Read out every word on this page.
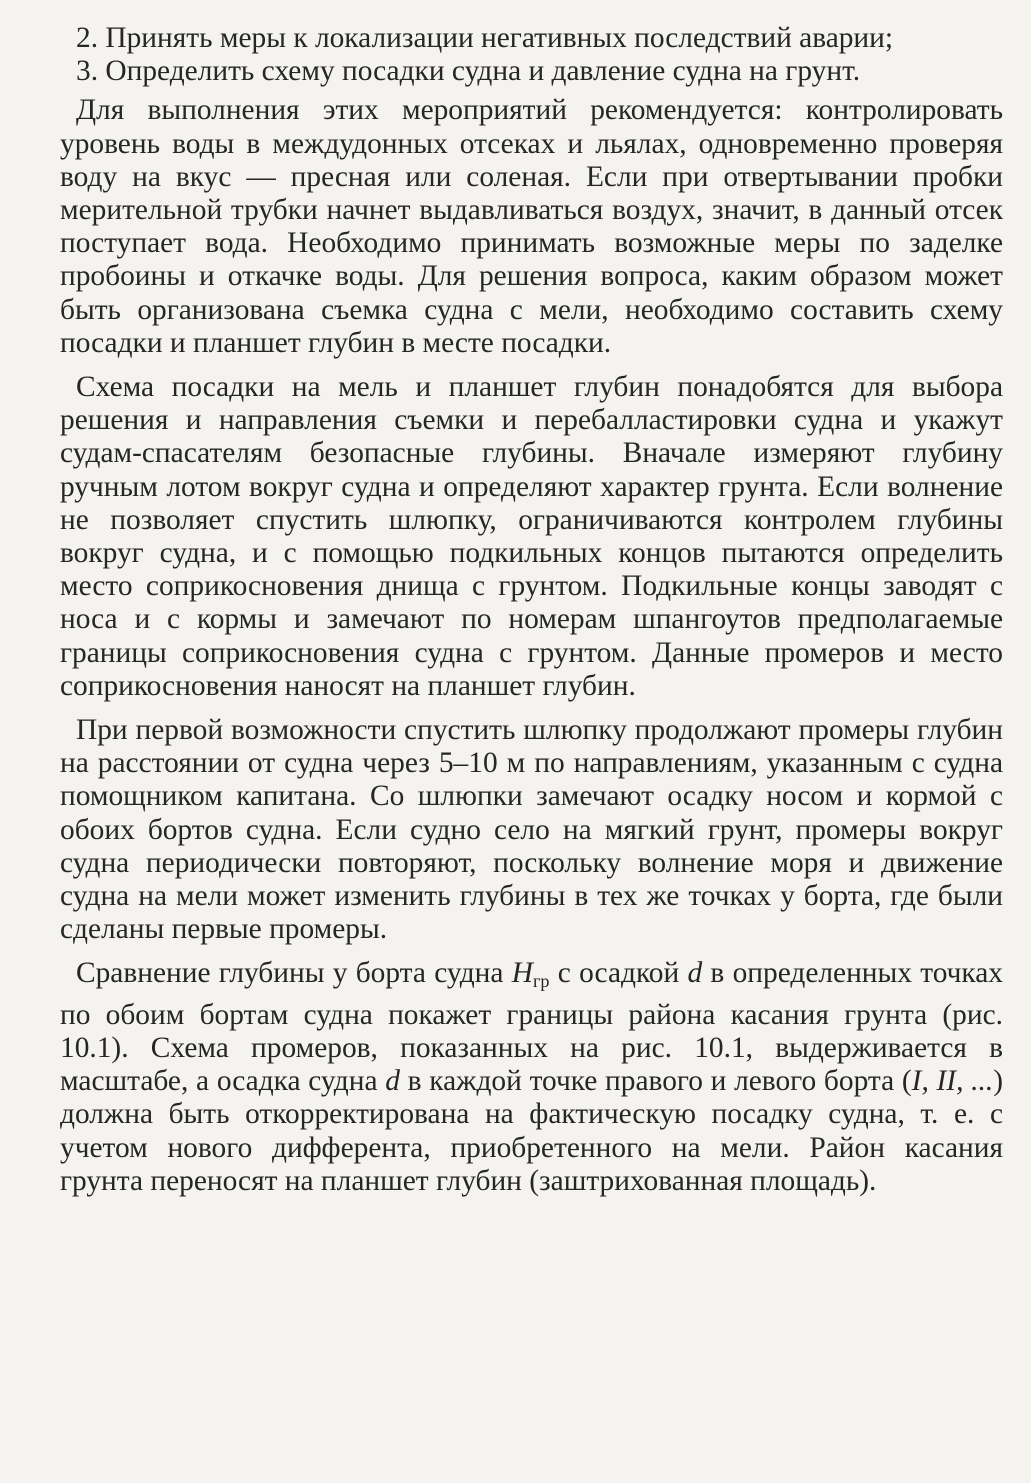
2. Принять меры к локализации негативных последствий аварии;

3. Определить схему посадки судна и давление судна на грунт.

Для выполнения этих мероприятий рекомендуется: контролировать уровень воды в междудонных отсеках и льялах, одновременно проверяя воду на вкус — пресная или соленая. Если при отвертывании пробки мерительной трубки начнет выдавливаться воздух, значит, в данный отсек поступает вода. Необходимо принимать возможные меры по заделке пробоины и откачке воды. Для решения вопроса, каким образом может быть организована съемка судна с мели, необходимо составить схему посадки и планшет глубин в месте посадки.

Схема посадки на мель и планшет глубин понадобятся для выбора решения и направления съемки и перебалластировки судна и укажут судам-спасателям безопасные глубины. Вначале измеряют глубину ручным лотом вокруг судна и определяют характер грунта. Если волнение не позволяет спустить шлюпку, ограничиваются контролем глубины вокруг судна, и с помощью подкильных концов пытаются определить место соприкосновения днища с грунтом. Подкильные концы заводят с носа и с кормы и замечают по номерам шпангоутов предполагаемые границы соприкосновения судна с грунтом. Данные промеров и место соприкосновения наносят на планшет глубин.

При первой возможности спустить шлюпку продолжают промеры глубин на расстоянии от судна через 5–10 м по направлениям, указанным с судна помощником капитана. Со шлюпки замечают осадку носом и кормой с обоих бортов судна. Если судно село на мягкий грунт, промеры вокруг судна периодически повторяют, поскольку волнение моря и движение судна на мели может изменить глубины в тех же точках у борта, где были сделаны первые промеры.

Сравнение глубины у борта судна $H_{гр}$ с осадкой d в определенных точках по обоим бортам судна покажет границы района касания грунта (рис. 10.1). Схема промеров, показанных на рис. 10.1, выдерживается в масштабе, а осадка судна d в каждой точке правого и левого борта (I, II, ...) должна быть откорректирована на фактическую посадку судна, т. е. с учетом нового дифферента, приобретенного на мели. Район касания грунта переносят на планшет глубин (заштрихованная площадь).
